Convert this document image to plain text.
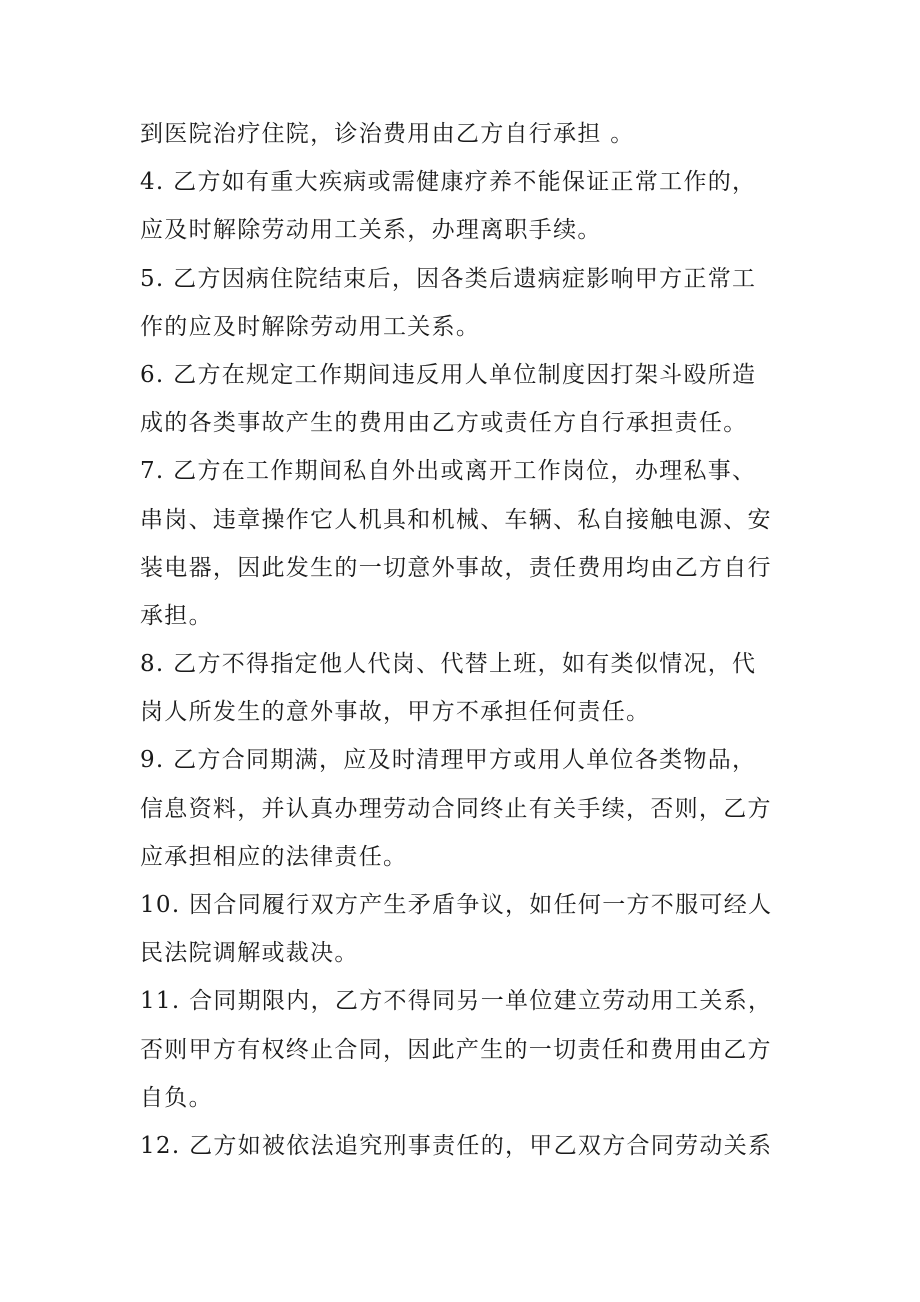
到医院治疗住院，诊治费用由乙方自行承担 。
4. 乙方如有重大疾病或需健康疗养不能保证正常工作的，
应及时解除劳动用工关系，办理离职手续。
5. 乙方因病住院结束后，因各类后遗病症影响甲方正常工
作的应及时解除劳动用工关系。
6. 乙方在规定工作期间违反用人单位制度因打架斗殴所造
成的各类事故产生的费用由乙方或责任方自行承担责任。
7. 乙方在工作期间私自外出或离开工作岗位，办理私事、
串岗、违章操作它人机具和机械、车辆、私自接触电源、安
装电器，因此发生的一切意外事故，责任费用均由乙方自行
承担。
8. 乙方不得指定他人代岗、代替上班，如有类似情况，代
岗人所发生的意外事故，甲方不承担任何责任。
9. 乙方合同期满，应及时清理甲方或用人单位各类物品，
信息资料，并认真办理劳动合同终止有关手续，否则，乙方
应承担相应的法律责任。
10. 因合同履行双方产生矛盾争议，如任何一方不服可经人
民法院调解或裁决。
11. 合同期限内，乙方不得同另一单位建立劳动用工关系，
否则甲方有权终止合同，因此产生的一切责任和费用由乙方
自负。
12. 乙方如被依法追究刑事责任的，甲乙双方合同劳动关系
